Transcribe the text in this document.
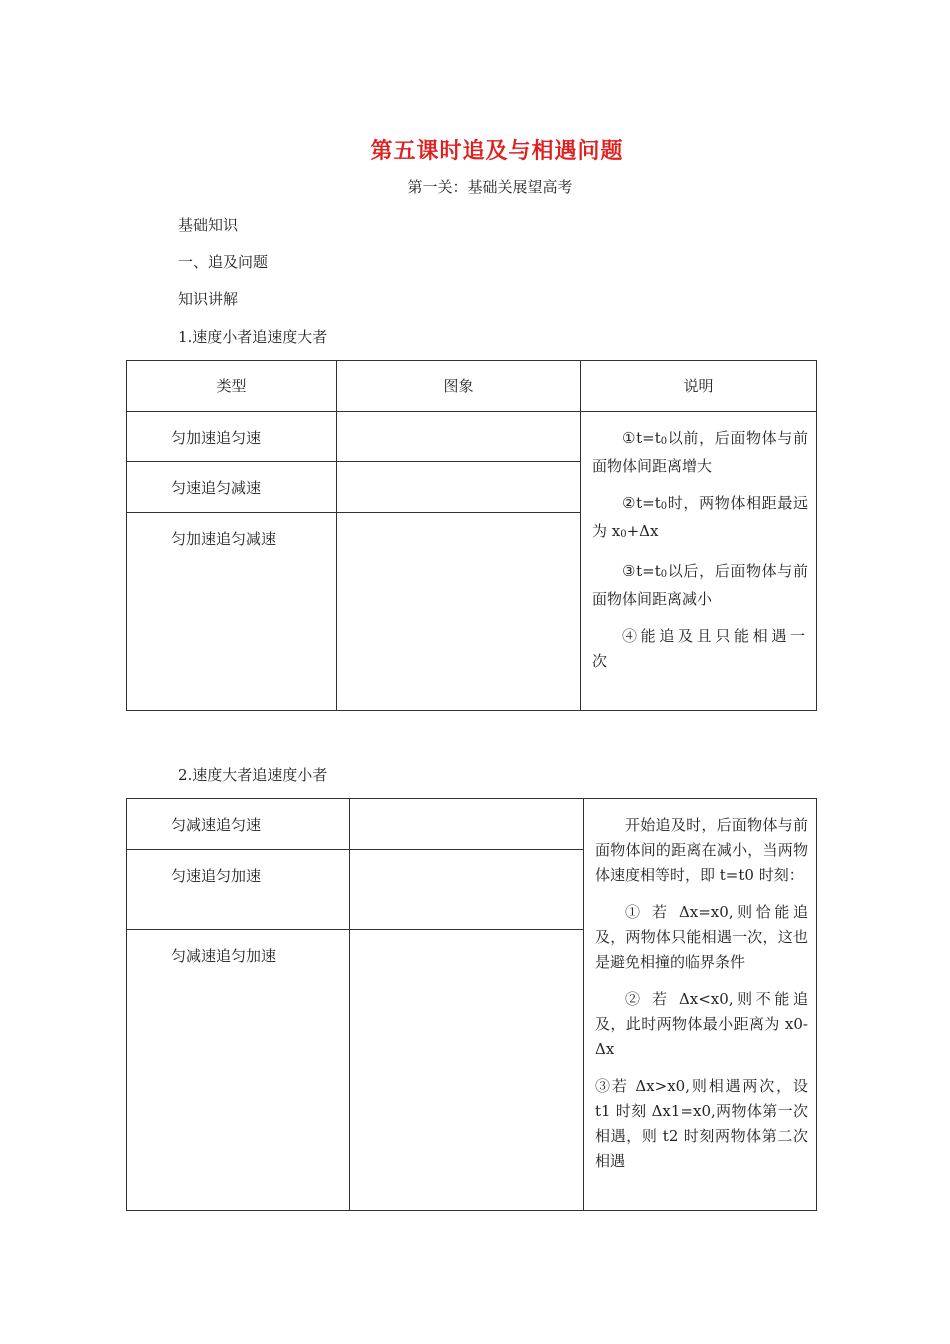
第五课时追及与相遇问题
第一关：基础关展望高考
基础知识
一、追及问题
知识讲解
1.速度小者追速度大者
类型	图象	说明
匀加速追匀速		$①t=t_0$以前，后面物体与前面物体间距离增大

$②t=t_0$时，两物体相距最远为 $x_0+\Delta x$

$③t=t_0$以后，后面物体与前面物体间距离减小

④能追及且只能相遇一次

匀速追匀减速		
匀加速追匀减速		
2.速度大者追速度小者
匀减速追匀速		开始追及时，后面物体与前面物体间的距离在减小，当两物体速度相等时，即 t=t0 时刻：

① 若 Δx=x0,则恰能追及，两物体只能相遇一次，这也是避免相撞的临界条件

② 若 Δx<x0,则不能追及，此时两物体最小距离为 x0-Δx

③若 Δx>x0,则相遇两次，设 t1 时刻 Δx1=x0,两物体第一次相遇，则 t2 时刻两物体第二次相遇

匀速追匀加速		
匀减速追匀加速		
